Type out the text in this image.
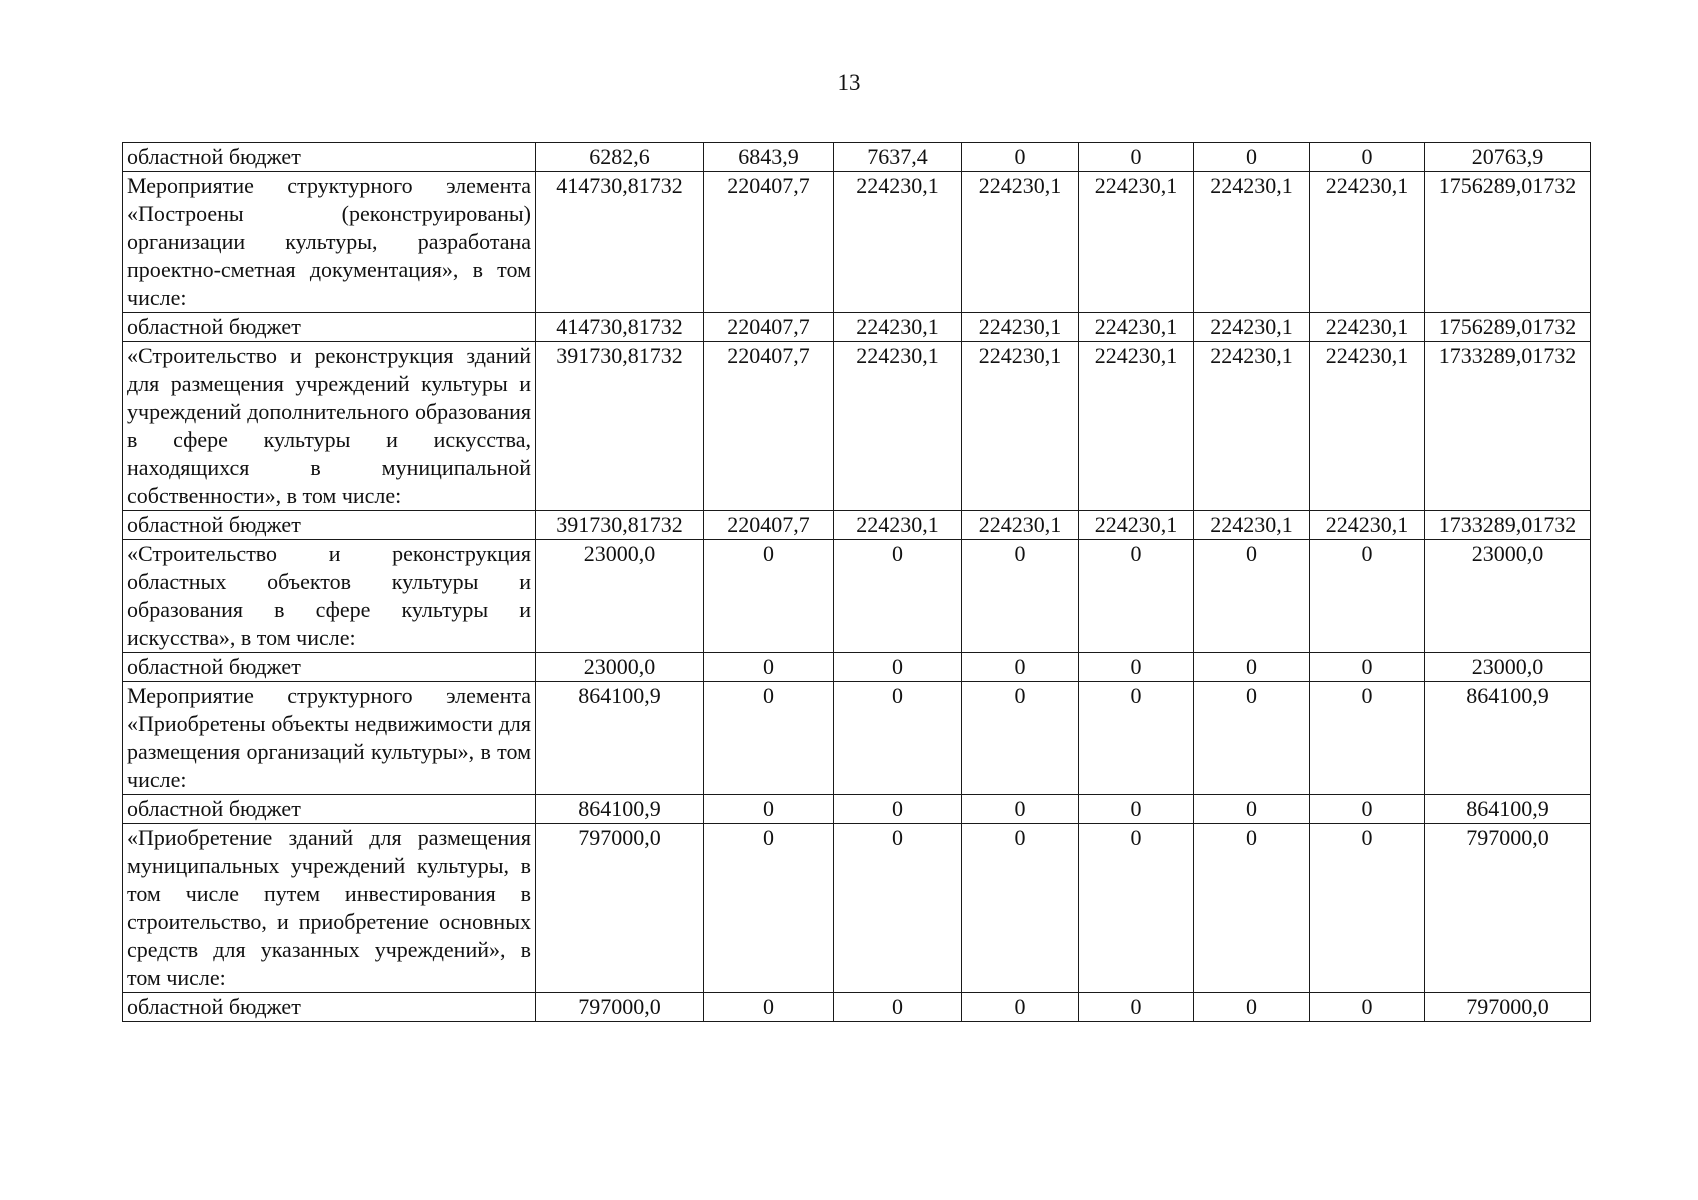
13
областной бюджет	6282,6	6843,9	7637,4	0	0	0	0	20763,9
Мероприятие структурного элемента «Построены (реконструированы) организации культуры, разработана проектно-сметная документация», в том числе:	414730,81732	220407,7	224230,1	224230,1	224230,1	224230,1	224230,1	1756289,01732
областной бюджет	414730,81732	220407,7	224230,1	224230,1	224230,1	224230,1	224230,1	1756289,01732
«Строительство и реконструкция зданий для размещения учреждений культуры и учреждений дополнительного образования в сфере культуры и искусства, находящихся в муниципальной собственности», в том числе:	391730,81732	220407,7	224230,1	224230,1	224230,1	224230,1	224230,1	1733289,01732
областной бюджет	391730,81732	220407,7	224230,1	224230,1	224230,1	224230,1	224230,1	1733289,01732
«Строительство и реконструкция областных объектов культуры и образования в сфере культуры и искусства», в том числе:	23000,0	0	0	0	0	0	0	23000,0
областной бюджет	23000,0	0	0	0	0	0	0	23000,0
Мероприятие структурного элемента «Приобретены объекты недвижимости для размещения организаций культуры», в том числе:	864100,9	0	0	0	0	0	0	864100,9
областной бюджет	864100,9	0	0	0	0	0	0	864100,9
«Приобретение зданий для размещения муниципальных учреждений культуры, в том числе путем инвестирования в строительство, и приобретение основных средств для указанных учреждений», в том числе:	797000,0	0	0	0	0	0	0	797000,0
областной бюджет	797000,0	0	0	0	0	0	0	797000,0
